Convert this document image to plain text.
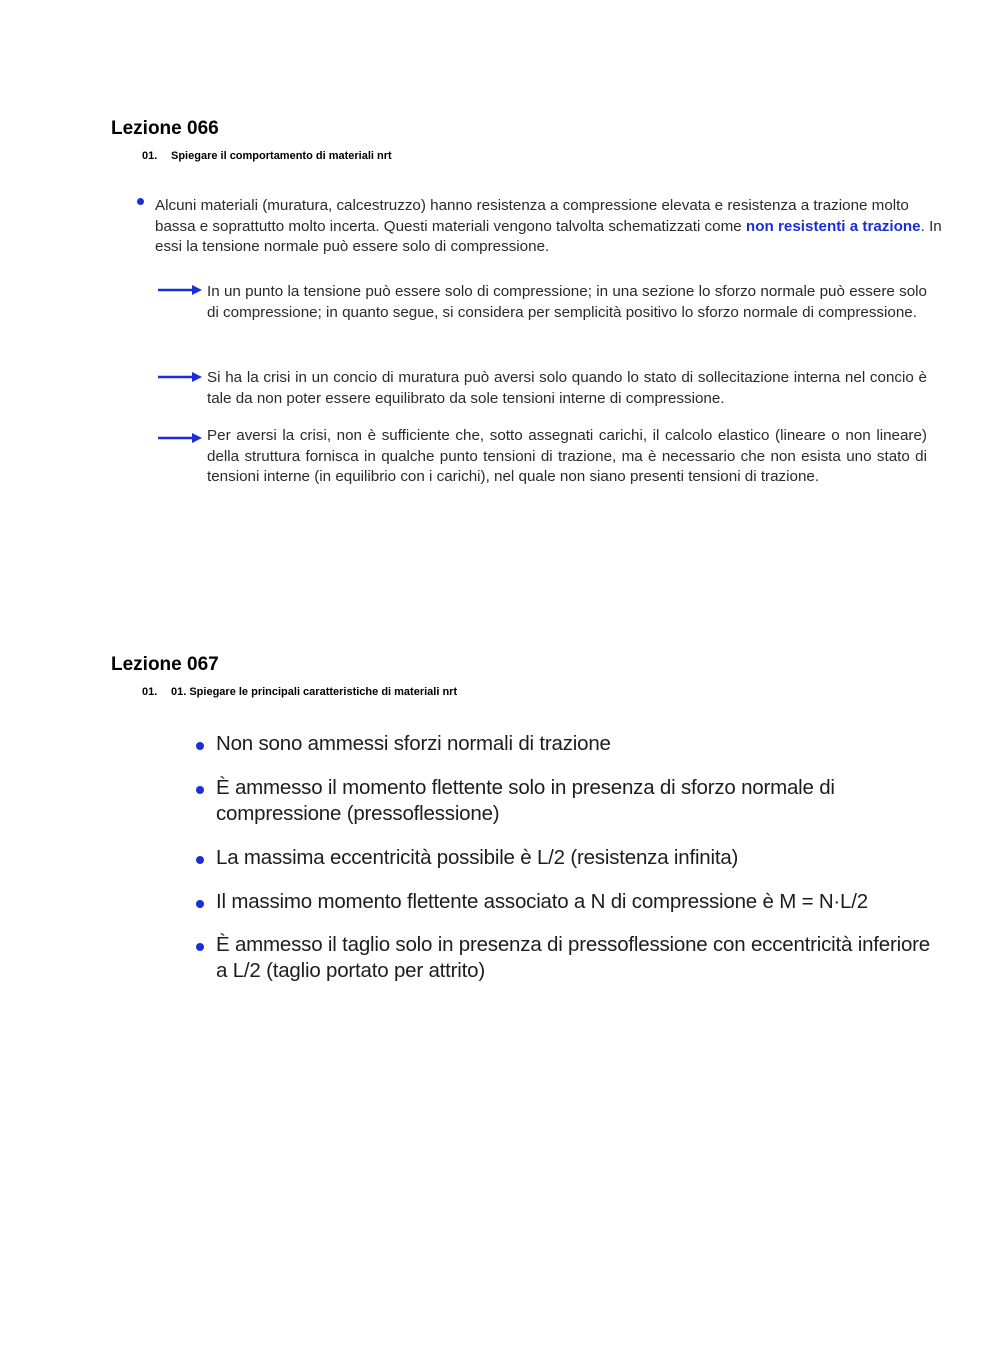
Lezione 066
01.	Spiegare il comportamento di materiali nrt
Alcuni materiali (muratura, calcestruzzo) hanno resistenza a compressione elevata e resistenza a trazione molto bassa e soprattutto molto incerta. Questi materiali vengono talvolta schematizzati come non resistenti a trazione. In essi la tensione normale può essere solo di compressione.
In un punto la tensione può essere solo di compressione; in una sezione lo sforzo normale può essere solo di compressione; in quanto segue, si considera per semplicità positivo lo sforzo normale di compressione.
Si ha la crisi in un concio di muratura può aversi solo quando lo stato di sollecitazione interna nel concio è tale da non poter essere equilibrato da sole tensioni interne di compressione.
Per aversi la crisi, non è sufficiente che, sotto assegnati carichi, il calcolo elastico (lineare o non lineare) della struttura fornisca in qualche punto tensioni di trazione, ma è necessario che non esista uno stato di tensioni interne (in equilibrio con i carichi), nel quale non siano presenti tensioni di trazione.
Lezione 067
01.	01. Spiegare le principali caratteristiche di materiali nrt
Non sono ammessi sforzi normali di trazione
È ammesso il momento flettente solo in presenza di sforzo normale di compressione (pressoflessione)
La massima eccentricità possibile è L/2 (resistenza infinita)
Il massimo momento flettente associato a N di compressione è M = N·L/2
È ammesso il taglio solo in presenza di pressoflessione con eccentricità inferiore a L/2 (taglio portato per attrito)
